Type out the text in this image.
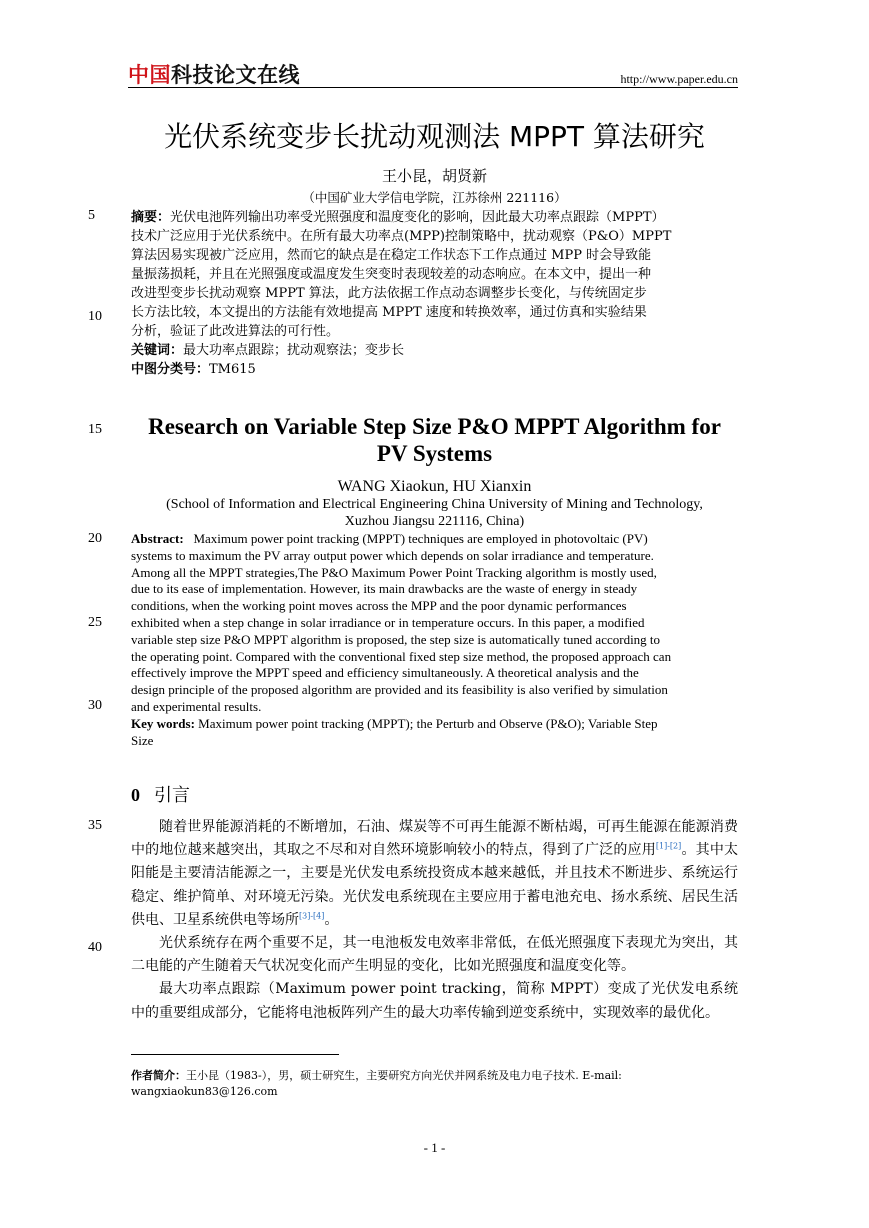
中国科技论文在线	http://www.paper.edu.cn
光伏系统变步长扰动观测法 MPPT 算法研究
王小昆，胡贤新
（中国矿业大学信电学院，江苏徐州 221116）
5
10
15
20
25
30
35
40
摘要：光伏电池阵列输出功率受光照强度和温度变化的影响，因此最大功率点跟踪（MPPT）
技术广泛应用于光伏系统中。在所有最大功率点(MPP)控制策略中，扰动观察（P&O）MPPT
算法因易实现被广泛应用，然而它的缺点是在稳定工作状态下工作点通过 MPP 时会导致能
量振荡损耗，并且在光照强度或温度发生突变时表现较差的动态响应。在本文中，提出一种
改进型变步长扰动观察 MPPT 算法，此方法依据工作点动态调整步长变化，与传统固定步
长方法比较，本文提出的方法能有效地提高 MPPT 速度和转换效率，通过仿真和实验结果
分析，验证了此改进算法的可行性。
关键词：最大功率点跟踪；扰动观察法；变步长
中图分类号：TM615
Research on Variable Step Size P&O MPPT Algorithm for
PV Systems
WANG Xiaokun, HU Xianxin
(School of Information and Electrical Engineering China University of Mining and Technology,
Xuzhou Jiangsu 221116, China)
Abstract: Maximum power point tracking (MPPT) techniques are employed in photovoltaic (PV)
systems to maximum the PV array output power which depends on solar irradiance and temperature.
Among all the MPPT strategies,The P&O Maximum Power Point Tracking algorithm is mostly used,
due to its ease of implementation. However, its main drawbacks are the waste of energy in steady
conditions, when the working point moves across the MPP and the poor dynamic performances
exhibited when a step change in solar irradiance or in temperature occurs. In this paper, a modified
variable step size P&O MPPT algorithm is proposed, the step size is automatically tuned according to
the operating point. Compared with the conventional fixed step size method, the proposed approach can
effectively improve the MPPT speed and efficiency simultaneously. A theoretical analysis and the
design principle of the proposed algorithm are provided and its feasibility is also verified by simulation
and experimental results.
Key words: Maximum power point tracking (MPPT); the Perturb and Observe (P&O); Variable Step
Size
0 引言

随着世界能源消耗的不断增加，石油、煤炭等不可再生能源不断枯竭，可再生能源在能源消费中的地位越来越突出，其取之不尽和对自然环境影响较小的特点，得到了广泛的应用[1]-[2]。其中太阳能是主要清洁能源之一，主要是光伏发电系统投资成本越来越低，并且技术不断进步、系统运行稳定、维护简单、对环境无污染。光伏发电系统现在主要应用于蓄电池充电、扬水系统、居民生活供电、卫星系统供电等场所[3]-[4]。

光伏系统存在两个重要不足，其一电池板发电效率非常低，在低光照强度下表现尤为突出，其二电能的产生随着天气状况变化而产生明显的变化，比如光照强度和温度变化等。

最大功率点跟踪（Maximum power point tracking，简称 MPPT）变成了光伏发电系统中的重要组成部分，它能将电池板阵列产生的最大功率传输到逆变系统中，实现效率的最优化。

作者简介：王小昆（1983-），男，硕士研究生，主要研究方向光伏并网系统及电力电子技术. E-mail:
wangxiaokun83@126.com
- 1 -
